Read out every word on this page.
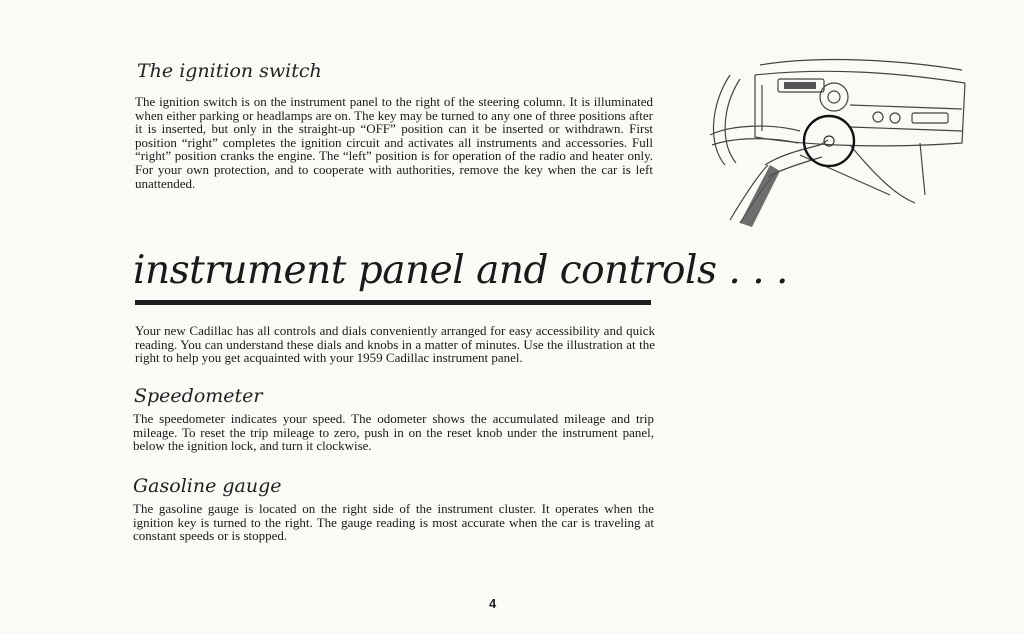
The ignition switch

The ignition switch is on the instrument panel to the right of the steering column. It is illuminated when either parking or headlamps are on. The key may be turned to any one of three positions after it is inserted, but only in the straight-up “OFF” position can it be inserted or withdrawn. First position “right” completes the ignition circuit and activates all instruments and accessories. Full “right” position cranks the engine. The “left” position is for operation of the radio and heater only. For your own protection, and to cooperate with authorities, remove the key when the car is left unattended.

instrument panel and controls . . .

Your new Cadillac has all controls and dials conveniently arranged for easy accessibility and quick reading. You can understand these dials and knobs in a matter of minutes. Use the illustration at the right to help you get acquainted with your 1959 Cadillac instrument panel.

Speedometer

The speedometer indicates your speed. The odometer shows the accumulated mileage and trip mileage. To reset the trip mileage to zero, push in on the reset knob under the instrument panel, below the ignition lock, and turn it clockwise.

Gasoline gauge

The gasoline gauge is located on the right side of the instrument cluster. It operates when the ignition key is turned to the right. The gauge reading is most accurate when the car is traveling at constant speeds or is stopped.

4
